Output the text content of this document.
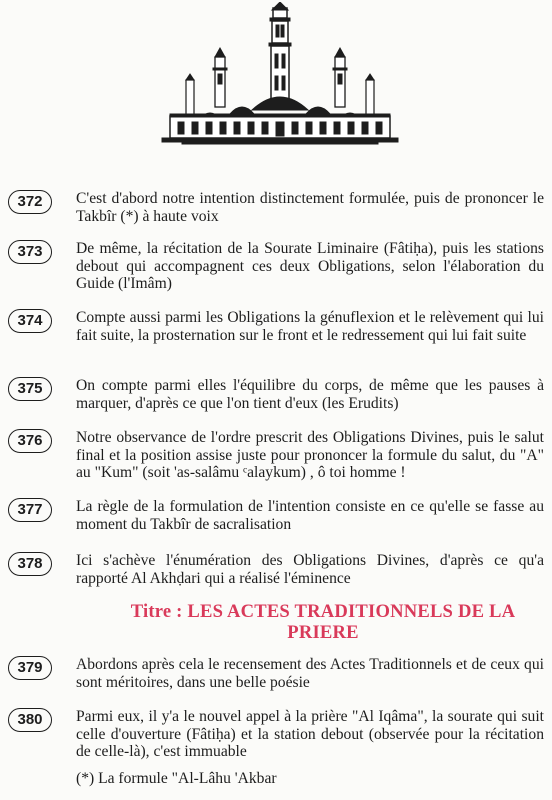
372	C'est d'abord notre intention distinctement formulée, puis de prononcer le Takbîr (*) à haute voix
373	De même, la récitation de la Sourate Liminaire (Fâtiḥa), puis les stations debout qui accompagnent ces deux Obligations, selon l'élaboration du Guide (l'Imâm)
374	Compte aussi parmi les Obligations la génuflexion et le relèvement qui lui fait suite, la prosternation sur le front et le redressement qui lui fait suite
375	On compte parmi elles l'équilibre du corps, de même que les pauses à marquer, d'après ce que l'on tient d'eux (les Erudits)
376	Notre observance de l'ordre prescrit des Obligations Divines, puis le salut final et la position assise juste pour prononcer la formule du salut, du "A" au "Kum" (soit 'as-salâmu ᶜalaykum) , ô toi homme !
377	La règle de la formulation de l'intention consiste en ce qu'elle se fasse au moment du Takbîr de sacralisation
378	Ici s'achève l'énumération des Obligations Divines, d'après ce qu'a rapporté Al Akhḍari qui a réalisé l'éminence
Titre : LES ACTES TRADITIONNELS DE LA PRIERE
379	Abordons après cela le recensement des Actes Traditionnels et de ceux qui sont méritoires, dans une belle poésie
380	Parmi eux, il y'a le nouvel appel à la prière "Al Iqâma", la sourate qui suit celle d'ouverture (Fâtiḥa) et la station debout (observée pour la récitation de celle-là), c'est immuable
(*) La formule "Al-Lâhu 'Akbar
